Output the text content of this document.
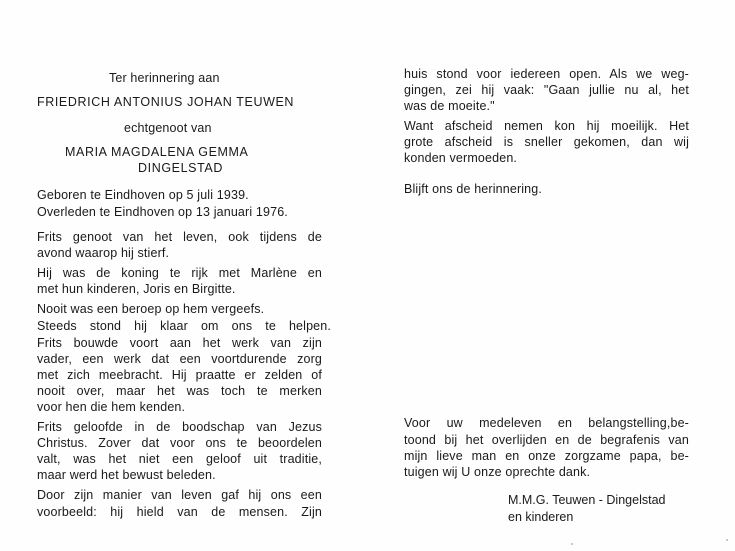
Ter herinnering aan
FRIEDRICH ANTONIUS JOHAN TEUWEN
echtgenoot van
MARIA MAGDALENA GEMMA
DINGELSTAD
Geboren te Eindhoven op 5 juli 1939.
Overleden te Eindhoven op 13 januari 1976.
Frits genoot van het leven, ook tijdens de
avond waarop hij stierf.
Hij was de koning te rijk met Marlène en
met hun kinderen, Joris en Birgitte.
Nooit was een beroep op hem vergeefs.
Steeds stond hij klaar om ons te helpen.
Frits bouwde voort aan het werk van zijn
vader, een werk dat een voortdurende zorg
met zich meebracht. Hij praatte er zelden of
nooit over, maar het was toch te merken
voor hen die hem kenden.
Frits geloofde in de boodschap van Jezus
Christus. Zover dat voor ons te beoordelen
valt, was het niet een geloof uit traditie,
maar werd het bewust beleden.
Door zijn manier van leven gaf hij ons een
voorbeeld: hij hield van de mensen. Zijn
huis stond voor iedereen open. Als we weg-
gingen, zei hij vaak: "Gaan jullie nu al, het
was de moeite."
Want afscheid nemen kon hij moeilijk. Het
grote afscheid is sneller gekomen, dan wij
konden vermoeden.
Blijft ons de herinnering.
Voor uw medeleven en belangstelling,be-
toond bij het overlijden en de begrafenis van
mijn lieve man en onze zorgzame papa, be-
tuigen wij U onze oprechte dank.
M.M.G. Teuwen - Dingelstad
en kinderen
